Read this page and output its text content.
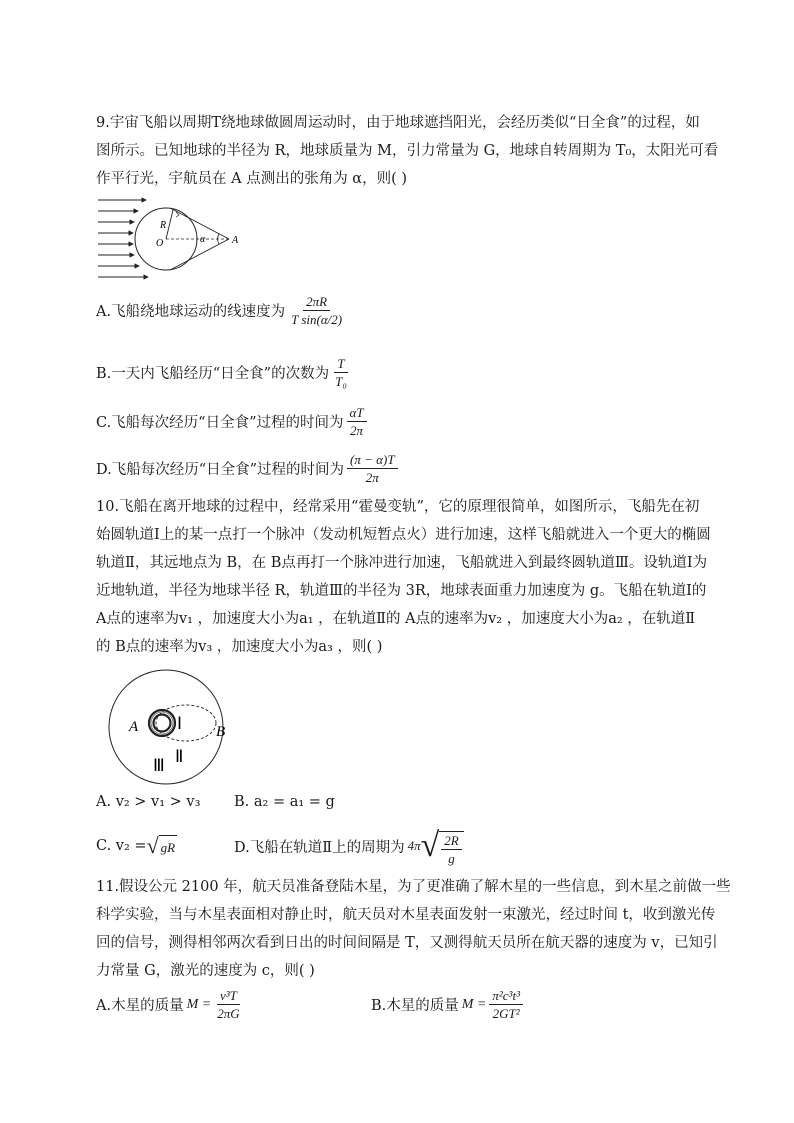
9.宇宙飞船以周期T绕地球做圆周运动时，由于地球遮挡阳光，会经历类似“日全食”的过程，如
图所示。已知地球的半径为 R，地球质量为 M，引力常量为 G，地球自转周期为 T₀，太阳光可看
作平行光，宇航员在 A 点测出的张角为 α，则( )
R
O	α	A
A.飞船绕地球运动的线速度为 $\frac{2\pi R}{\text{T sin(α/2)}}$
B.一天内飞船经历“日全食”的次数为 $\frac{T}{\text{T₀}}$
C.飞船每次经历“日全食”过程的时间为 $\frac{\alpha T}{2\pi}$
D.飞船每次经历“日全食”过程的时间为 $\frac{(\pi - \alpha)T}{2\pi}$
10.飞船在离开地球的过程中，经常采用“霍曼变轨”，它的原理很简单，如图所示，飞船先在初
始圆轨道Ⅰ上的某一点打一个脉冲（发动机短暂点火）进行加速，这样飞船就进入一个更大的椭圆
轨道Ⅱ，其远地点为 B，在 B点再打一个脉冲进行加速，飞船就进入到最终圆轨道Ⅲ。设轨道Ⅰ为
近地轨道，半径为地球半径 R，轨道Ⅲ的半径为 3R，地球表面重力加速度为 g。飞船在轨道Ⅰ的
A点的速率为v₁ ，加速度大小为a₁ ，在轨道Ⅱ的 A点的速率为v₂ ，加速度大小为a₂ ，在轨道Ⅱ
的 B点的速率为v₃ ，加速度大小为a₃ ，则( )
A Ⅰ B
Ⅱ
Ⅲ
A. v₂ > v₁ > v₃ B. a₂ = a₁ = g
C. v₂ = √ gR	D.飞船在轨道Ⅱ上的周期为 4π √ $\frac{2R}{g}$
11.假设公元 2100 年，航天员准备登陆木星，为了更准确了解木星的一些信息，到木星之前做一些
科学实验，当与木星表面相对静止时，航天员对木星表面发射一束激光，经过时间 t，收到激光传
回的信号，测得相邻两次看到日出的时间间隔是 T，又测得航天员所在航天器的速度为 v，已知引
力常量 G，激光的速度为 c，则( )
A.木星的质量 $M = \frac{\text{v³T}}{2\pi G}$	B.木星的质量 $M = \frac{\text{π²c³t³}}{\text{2GT²}}$
